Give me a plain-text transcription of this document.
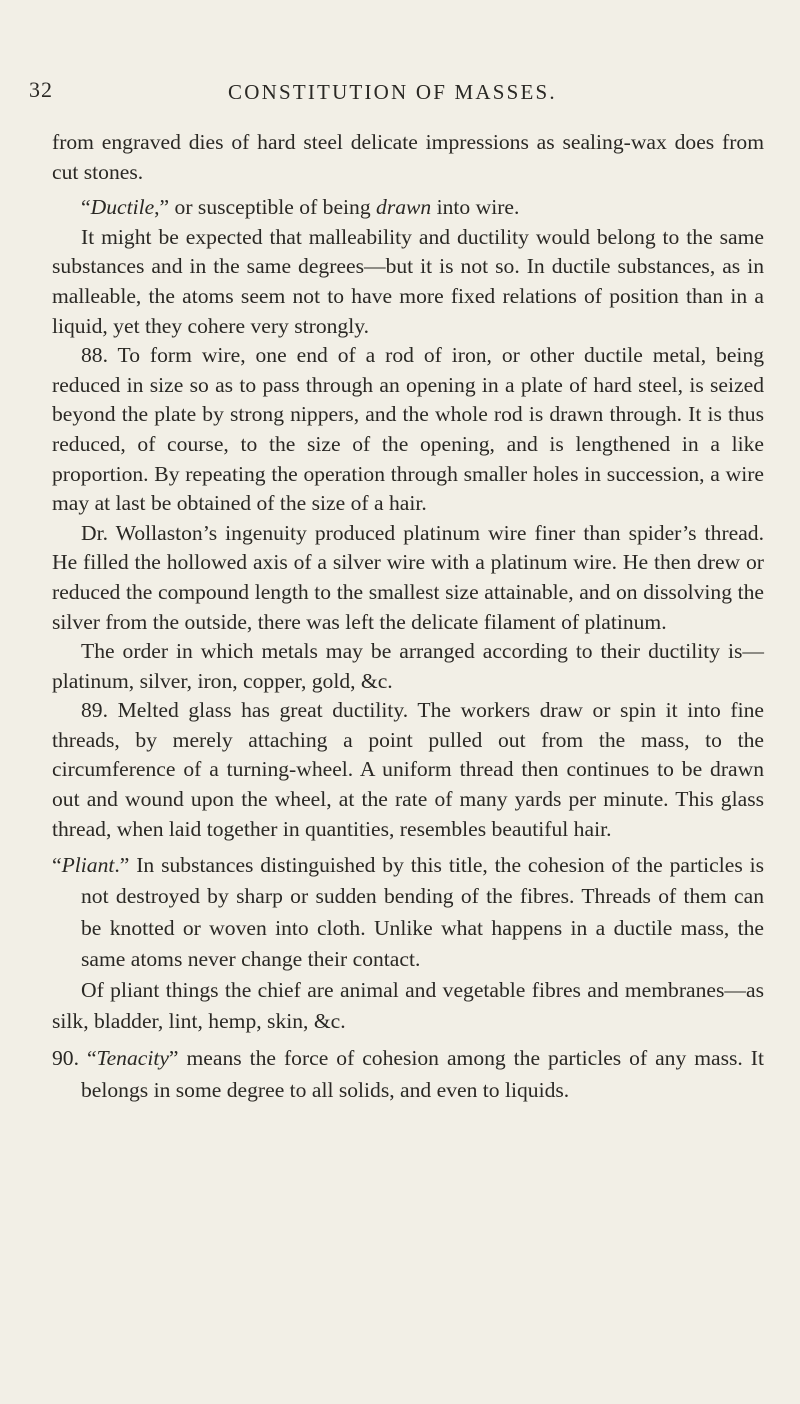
32	CONSTITUTION OF MASSES.

from engraved dies of hard steel delicate impressions as sealing-wax does from cut stones.

“Ductile,” or susceptible of being drawn into wire.

It might be expected that malleability and ductility would belong to the same substances and in the same degrees—but it is not so. In ductile substances, as in malleable, the atoms seem not to have more fixed relations of position than in a liquid, yet they cohere very strongly.

88. To form wire, one end of a rod of iron, or other ductile metal, being reduced in size so as to pass through an opening in a plate of hard steel, is seized beyond the plate by strong nippers, and the whole rod is drawn through. It is thus reduced, of course, to the size of the opening, and is lengthened in a like proportion. By repeating the operation through smaller holes in succession, a wire may at last be obtained of the size of a hair.

Dr. Wollaston’s ingenuity produced platinum wire finer than spider’s thread. He filled the hollowed axis of a silver wire with a platinum wire. He then drew or reduced the compound length to the smallest size attainable, and on dissolving the silver from the outside, there was left the delicate filament of platinum.

The order in which metals may be arranged according to their ductility is—platinum, silver, iron, copper, gold, &c.

89. Melted glass has great ductility. The workers draw or spin it into fine threads, by merely attaching a point pulled out from the mass, to the circumference of a turning-wheel. A uniform thread then continues to be drawn out and wound upon the wheel, at the rate of many yards per minute. This glass thread, when laid together in quantities, resembles beautiful hair.

“Pliant.” In substances distinguished by this title, the cohesion of the particles is not destroyed by sharp or sudden bending of the fibres. Threads of them can be knotted or woven into cloth. Unlike what happens in a ductile mass, the same atoms never change their contact.

Of pliant things the chief are animal and vegetable fibres and membranes—as silk, bladder, lint, hemp, skin, &c.

90. “Tenacity” means the force of cohesion among the particles of any mass. It belongs in some degree to all solids, and even to liquids.
